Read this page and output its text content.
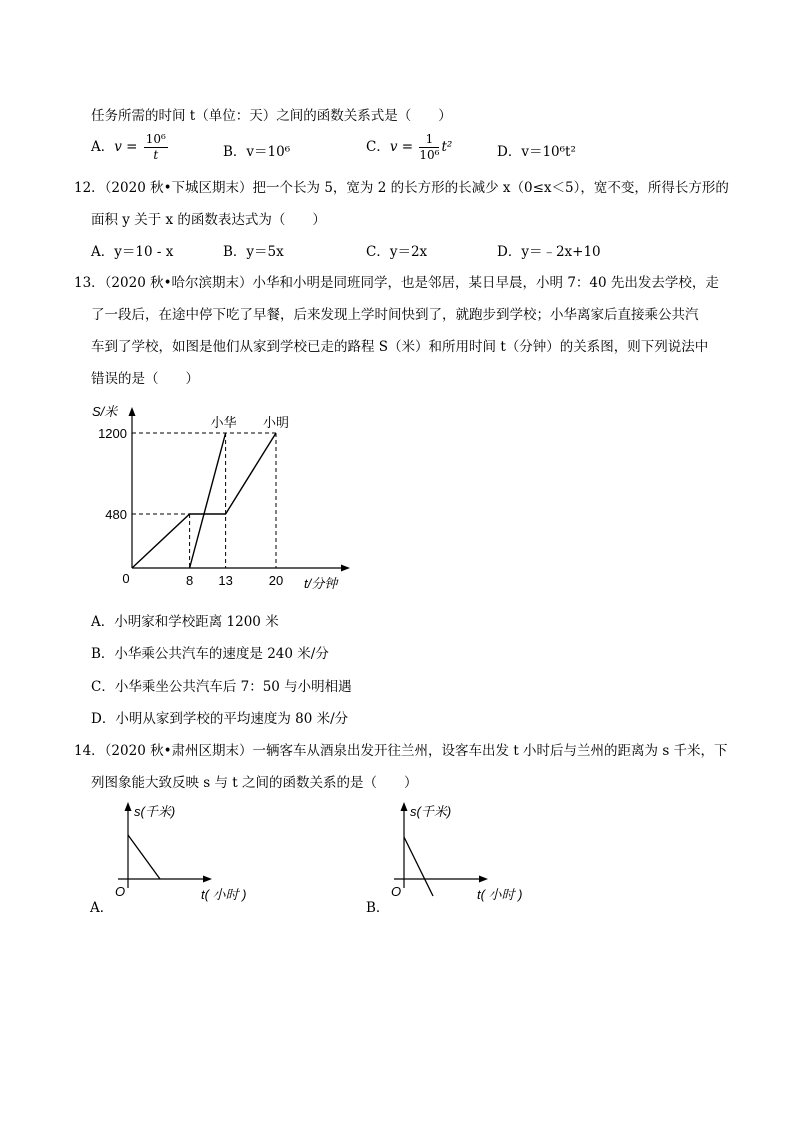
任务所需的时间 t（单位：天）之间的函数关系式是（　　）
A．$v = \frac{\text{10⁶}}{t}$	B．v＝10⁶	C．$v = \frac{1}{\text{10⁶}} t^2$	D．v＝10⁶t²
12．（2020 秋•下城区期末）把一个长为 5，宽为 2 的长方形的长减少 x（0≤x＜5），宽不变，所得长方形的
面积 y 关于 x 的函数表达式为（　　）
A．y＝10 - x	B．y＝5x	C．y＝2x	D．y＝﹣2x+10
13．（2020 秋•哈尔滨期末）小华和小明是同班同学，也是邻居，某日早晨，小明 7：40 先出发去学校，走
了一段后，在途中停下吃了早餐，后来发现上学时间快到了，就跑步到学校；小华离家后直接乘公共汽
车到了学校，如图是他们从家到学校已走的路程 S（米）和所用时间 t（分钟）的关系图，则下列说法中
错误的是（　　）
小华 小明
480
1200
8 13	20
0
S/米
t/分钟
A．小明家和学校距离 1200 米
B．小华乘公共汽车的速度是 240 米/分
C．小华乘坐公共汽车后 7：50 与小明相遇
D．小明从家到学校的平均速度为 80 米/分
14．（2020 秋•肃州区期末）一辆客车从酒泉出发开往兰州，设客车出发 t 小时后与兰州的距离为 s 千米，下
列图象能大致反映 s 与 t 之间的函数关系的是（　　）
s(千米)
O	t( 小时 )
A．
s(千米)
O	t( 小时 )
B．
